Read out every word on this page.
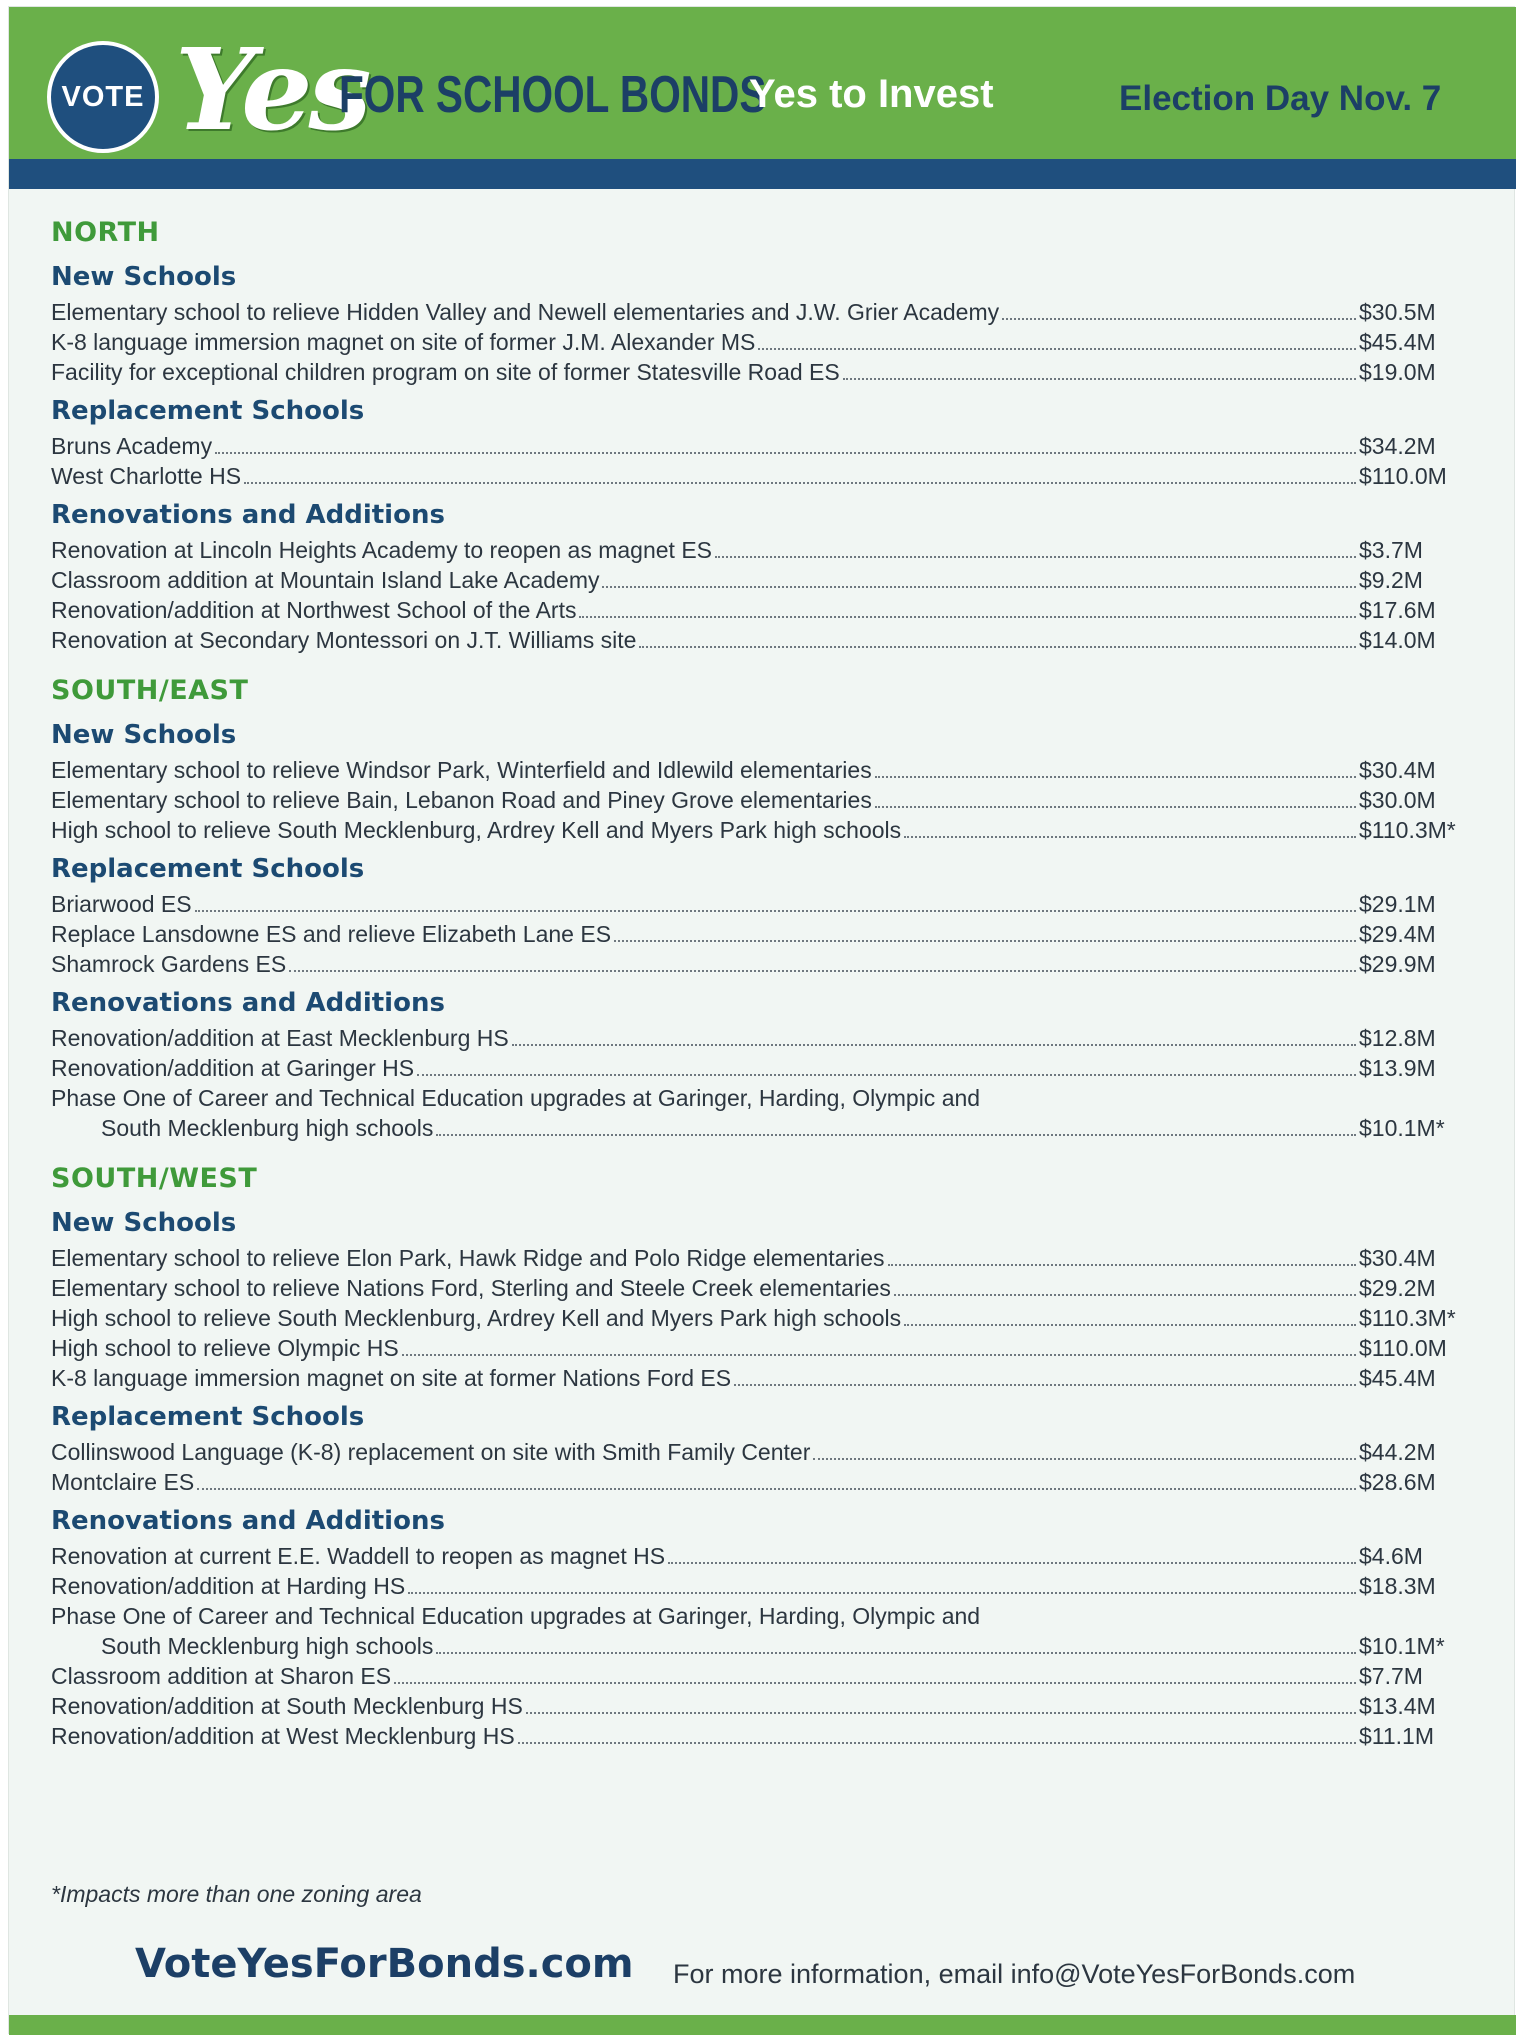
VOTE Yes
FOR SCHOOL BONDS
Yes to Invest	Election Day Nov. 7
NORTH
New Schools
Elementary school to relieve Hidden Valley and Newell elementaries and J.W. Grier Academy	$30.5M
K-8 language immersion magnet on site of former J.M. Alexander MS	$45.4M
Facility for exceptional children program on site of former Statesville Road ES	$19.0M
Replacement Schools
Bruns Academy	$34.2M
West Charlotte HS	$110.0M
Renovations and Additions
Renovation at Lincoln Heights Academy to reopen as magnet ES	$3.7M
Classroom addition at Mountain Island Lake Academy	$9.2M
Renovation/addition at Northwest School of the Arts	$17.6M
Renovation at Secondary Montessori on J.T. Williams site	$14.0M
SOUTH/EAST
New Schools
Elementary school to relieve Windsor Park, Winterfield and Idlewild elementaries	$30.4M
Elementary school to relieve Bain, Lebanon Road and Piney Grove elementaries	$30.0M
High school to relieve South Mecklenburg, Ardrey Kell and Myers Park high schools	$110.3M*
Replacement Schools
Briarwood ES	$29.1M
Replace Lansdowne ES and relieve Elizabeth Lane ES	$29.4M
Shamrock Gardens ES	$29.9M
Renovations and Additions
Renovation/addition at East Mecklenburg HS	$12.8M
Renovation/addition at Garinger HS	$13.9M
Phase One of Career and Technical Education upgrades at Garinger, Harding, Olympic and
South Mecklenburg high schools	$10.1M*
SOUTH/WEST
New Schools
Elementary school to relieve Elon Park, Hawk Ridge and Polo Ridge elementaries	$30.4M
Elementary school to relieve Nations Ford, Sterling and Steele Creek elementaries	$29.2M
High school to relieve South Mecklenburg, Ardrey Kell and Myers Park high schools	$110.3M*
High school to relieve Olympic HS	$110.0M
K-8 language immersion magnet on site at former Nations Ford ES	$45.4M
Replacement Schools
Collinswood Language (K-8) replacement on site with Smith Family Center	$44.2M
Montclaire ES	$28.6M
Renovations and Additions
Renovation at current E.E. Waddell to reopen as magnet HS	$4.6M
Renovation/addition at Harding HS	$18.3M
Phase One of Career and Technical Education upgrades at Garinger, Harding, Olympic and
South Mecklenburg high schools	$10.1M*
Classroom addition at Sharon ES	$7.7M
Renovation/addition at South Mecklenburg HS	$13.4M
Renovation/addition at West Mecklenburg HS	$11.1M
*Impacts more than one zoning area
VoteYesForBonds.com For more information, email info@VoteYesForBonds.com
